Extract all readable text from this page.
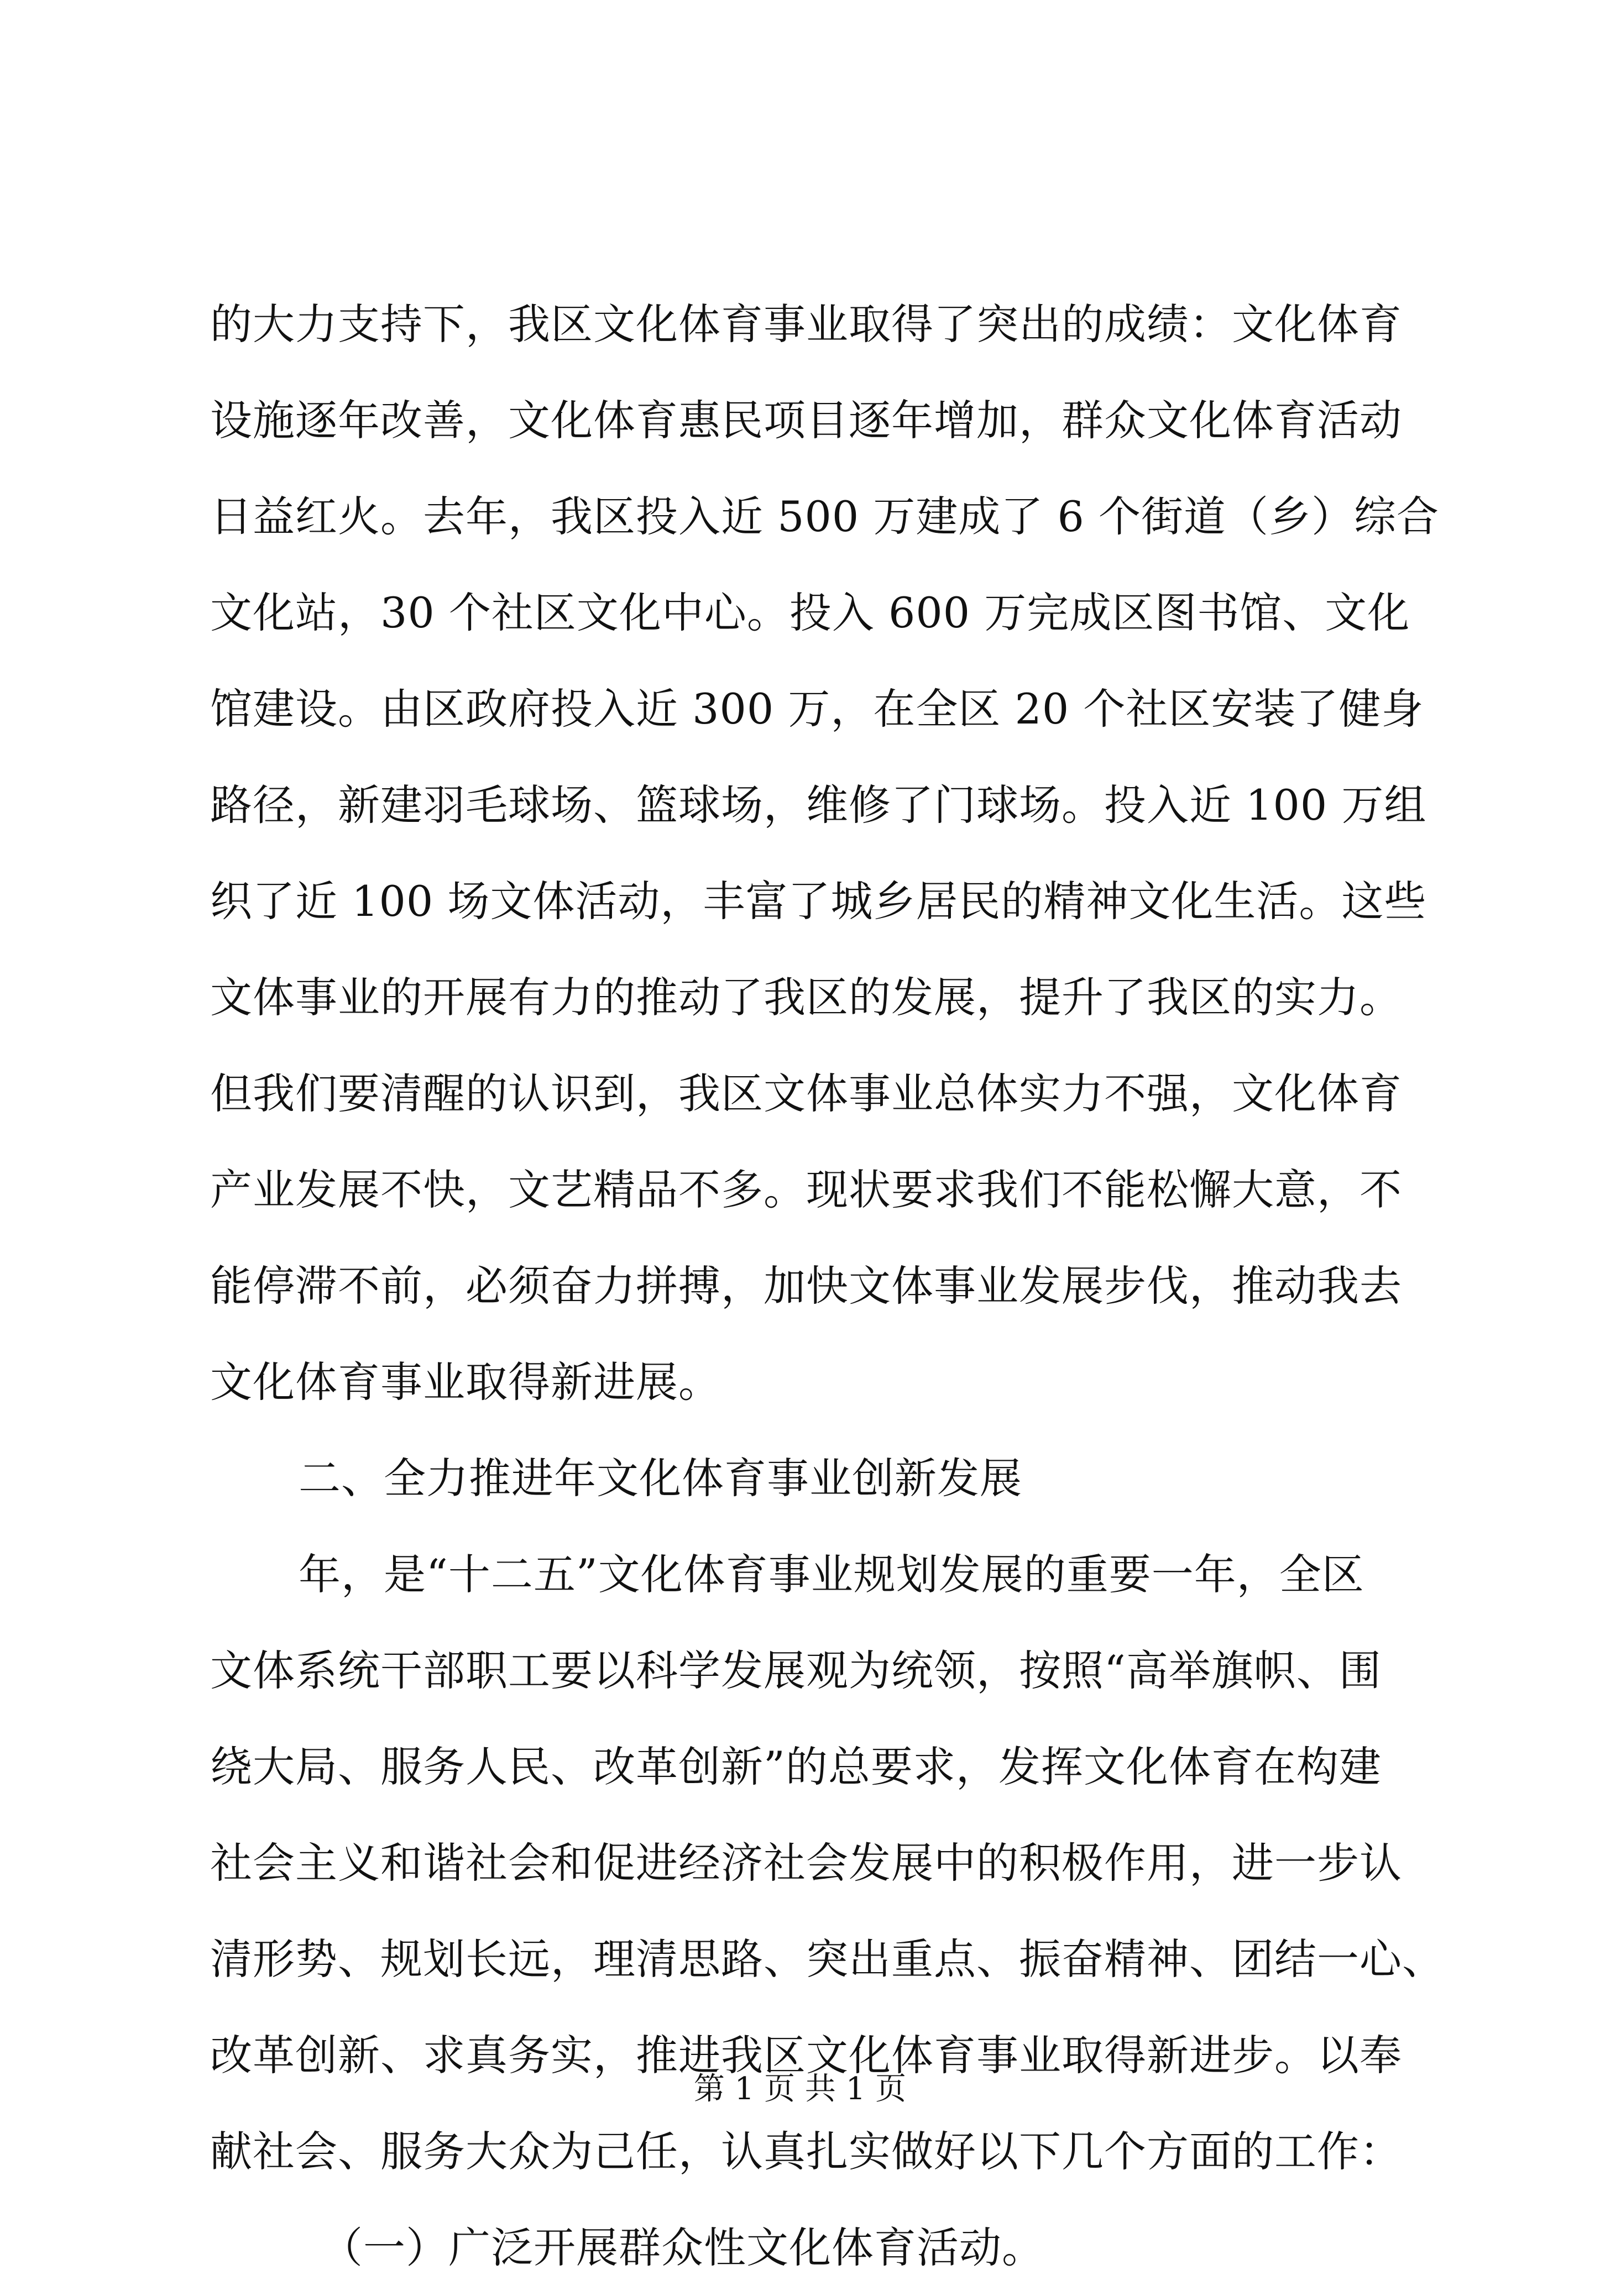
的大力支持下，我区文化体育事业取得了突出的成绩：文化体育
设施逐年改善，文化体育惠民项目逐年增加，群众文化体育活动
日益红火。去年，我区投入近 500 万建成了 6 个街道（乡）综合
文化站，30 个社区文化中心。投入 600 万完成区图书馆、文化
馆建设。由区政府投入近 300 万，在全区 20 个社区安装了健身
路径，新建羽毛球场、篮球场，维修了门球场。投入近 100 万组
织了近 100 场文体活动，丰富了城乡居民的精神文化生活。这些
文体事业的开展有力的推动了我区的发展，提升了我区的实力。
但我们要清醒的认识到，我区文体事业总体实力不强，文化体育
产业发展不快，文艺精品不多。现状要求我们不能松懈大意，不
能停滞不前，必须奋力拼搏，加快文体事业发展步伐，推动我去
文化体育事业取得新进展。
二、全力推进年文化体育事业创新发展
年，是“十二五”文化体育事业规划发展的重要一年，全区
文体系统干部职工要以科学发展观为统领，按照“高举旗帜、围
绕大局、服务人民、改革创新”的总要求，发挥文化体育在构建
社会主义和谐社会和促进经济社会发展中的积极作用，进一步认
清形势、规划长远，理清思路、突出重点、振奋精神、团结一心、
改革创新、求真务实，推进我区文化体育事业取得新进步。以奉
献社会、服务大众为己任，认真扎实做好以下几个方面的工作：
（一）广泛开展群众性文化体育活动。
第 1 页 共 1 页
